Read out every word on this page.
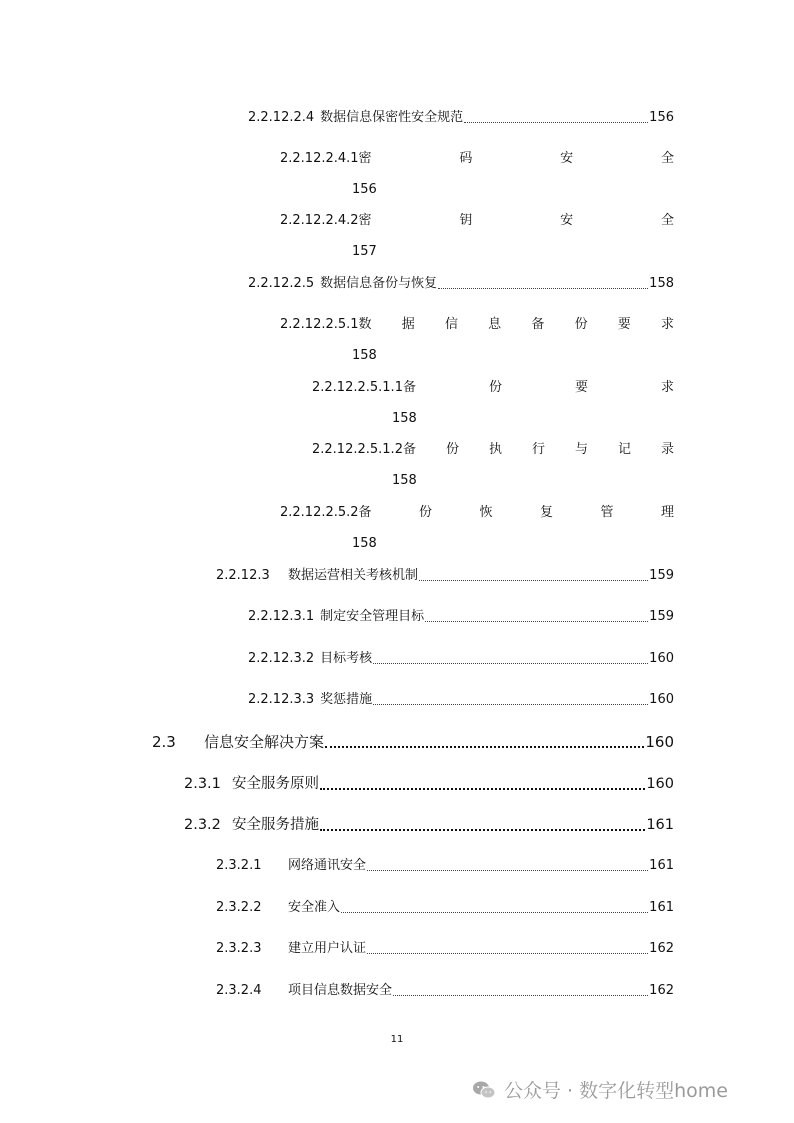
2.2.12.2.4 数据信息保密性安全规范	156
2.2.12.2.4.1密	码	安	全
156
2.2.12.2.4.2密	钥	安	全
157
2.2.12.2.5 数据信息备份与恢复	158
2.2.12.2.5.1数 据 信 息 备 份 要 求
158
2.2.12.2.5.1.1备	份	要	求
158
2.2.12.2.5.1.2备 份 执 行 与 记 录
158
2.2.12.2.5.2备	份	恢	复	管	理
158
2.2.12.3	数据运营相关考核机制	159
2.2.12.3.1 制定安全管理目标	159
2.2.12.3.2 目标考核	160
2.2.12.3.3 奖惩措施	160
2.3	信息安全解决方案	160
2.3.1 安全服务原则	160
2.3.2 安全服务措施	161
2.3.2.1	网络通讯安全	161
2.3.2.2	安全准入	161
2.3.2.3	建立用户认证	162
2.3.2.4	项目信息数据安全	162
11
公众号 · 数字化转型home
